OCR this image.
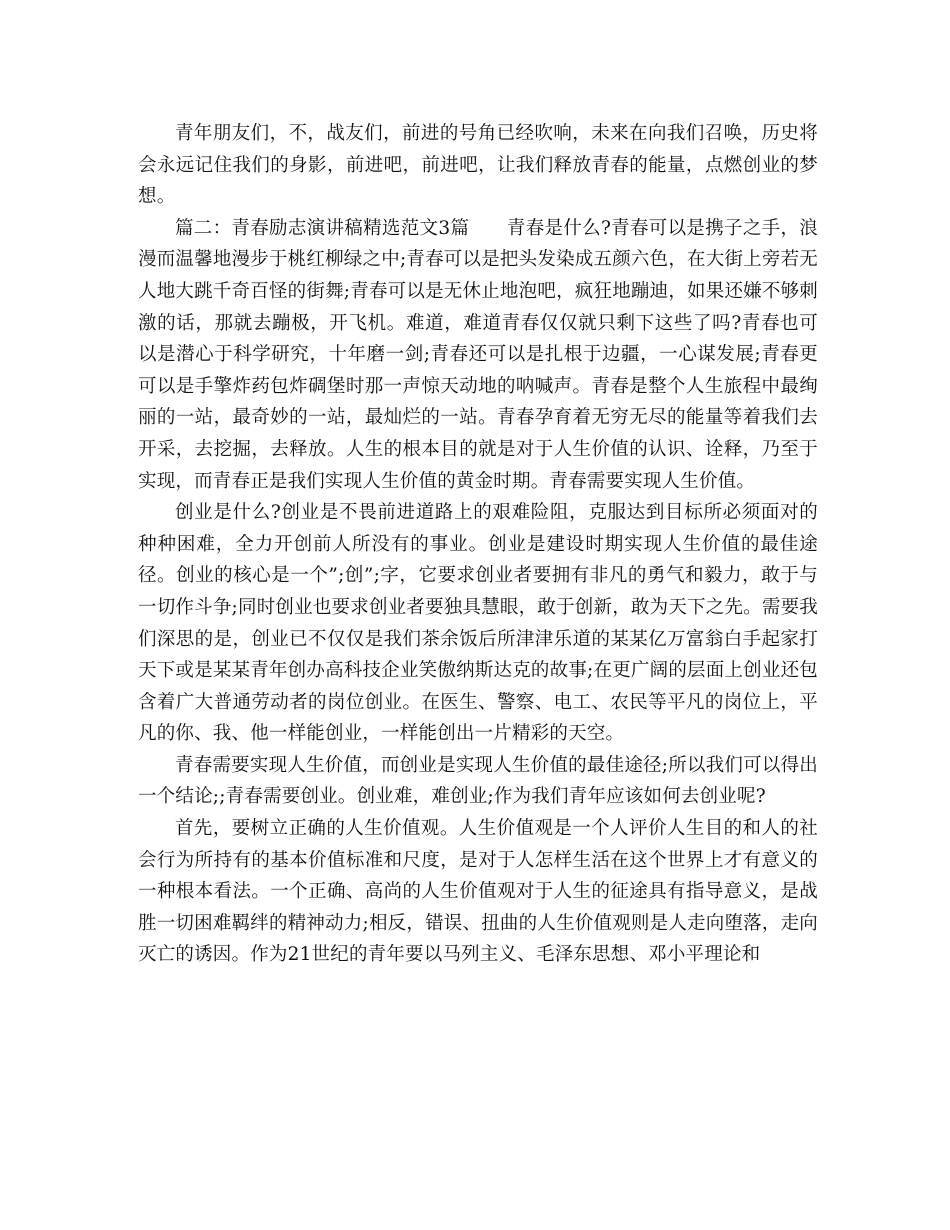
青年朋友们，不，战友们，前进的号角已经吹响，未来在向我们召唤，历史将会永远记住我们的身影，前进吧，前进吧，让我们释放青春的能量，点燃创业的梦想。

篇二：青春励志演讲稿精选范文3篇　　青春是什么?青春可以是携子之手，浪漫而温馨地漫步于桃红柳绿之中;青春可以是把头发染成五颜六色，在大街上旁若无人地大跳千奇百怪的街舞;青春可以是无休止地泡吧，疯狂地蹦迪，如果还嫌不够刺激的话，那就去蹦极，开飞机。难道，难道青春仅仅就只剩下这些了吗?青春也可以是潜心于科学研究，十年磨一剑;青春还可以是扎根于边疆，一心谋发展;青春更可以是手擎炸药包炸碉堡时那一声惊天动地的呐喊声。青春是整个人生旅程中最绚丽的一站，最奇妙的一站，最灿烂的一站。青春孕育着无穷无尽的能量等着我们去开采，去挖掘，去释放。人生的根本目的就是对于人生价值的认识、诠释，乃至于实现，而青春正是我们实现人生价值的黄金时期。青春需要实现人生价值。

创业是什么?创业是不畏前进道路上的艰难险阻，克服达到目标所必须面对的种种困难，全力开创前人所没有的事业。创业是建设时期实现人生价值的最佳途径。创业的核心是一个”;创”;字，它要求创业者要拥有非凡的勇气和毅力，敢于与一切作斗争;同时创业也要求创业者要独具慧眼，敢于创新，敢为天下之先。需要我们深思的是，创业已不仅仅是我们茶余饭后所津津乐道的某某亿万富翁白手起家打天下或是某某青年创办高科技企业笑傲纳斯达克的故事;在更广阔的层面上创业还包含着广大普通劳动者的岗位创业。在医生、警察、电工、农民等平凡的岗位上，平凡的你、我、他一样能创业，一样能创出一片精彩的天空。

青春需要实现人生价值，而创业是实现人生价值的最佳途径;所以我们可以得出一个结论;;青春需要创业。创业难，难创业;作为我们青年应该如何去创业呢?

首先，要树立正确的人生价值观。人生价值观是一个人评价人生目的和人的社会行为所持有的基本价值标准和尺度，是对于人怎样生活在这个世界上才有意义的一种根本看法。一个正确、高尚的人生价值观对于人生的征途具有指导意义，是战胜一切困难羁绊的精神动力;相反，错误、扭曲的人生价值观则是人走向堕落，走向灭亡的诱因。作为21世纪的青年要以马列主义、毛泽东思想、邓小平理论和
